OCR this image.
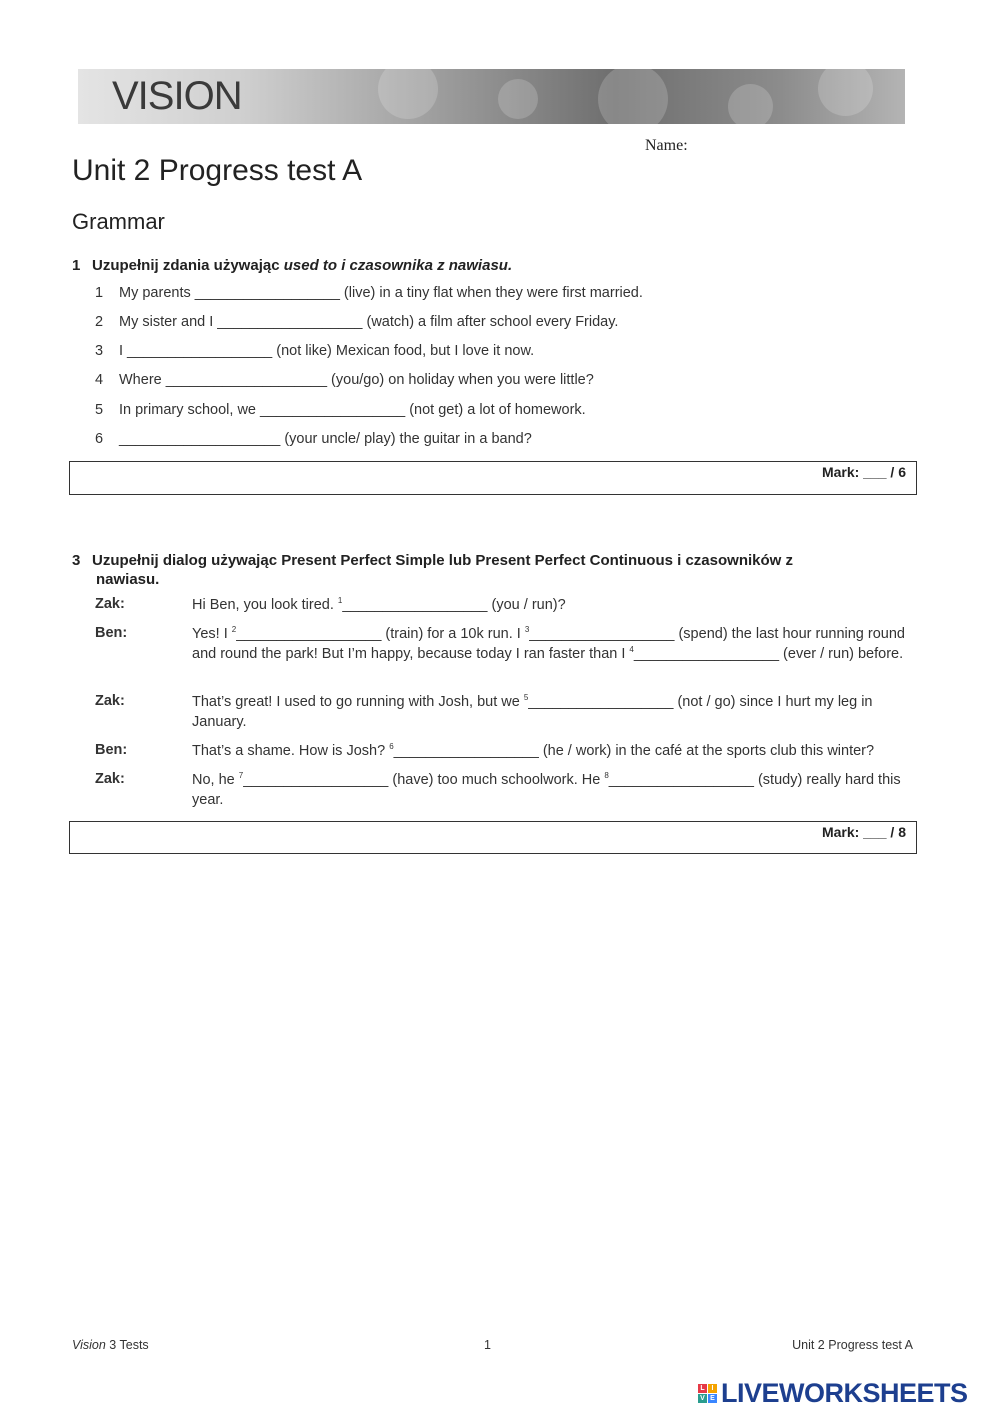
VISION
Name:
Unit 2 Progress test A
Grammar
1 Uzupełnij zdania używając used to i czasownika z nawiasu.
1 My parents __________________ (live) in a tiny flat when they were first married.
2 My sister and I __________________ (watch) a film after school every Friday.
3 I __________________ (not like) Mexican food, but I love it now.
4 Where ____________________ (you/go) on holiday when you were little?
5 In primary school, we __________________ (not get) a lot of homework.
6 ____________________ (your uncle/ play) the guitar in a band?
Mark: ___ / 6
3 Uzupełnij dialog używając Present Perfect Simple lub Present Perfect Continuous i czasowników z
nawiasu.
Zak:	Hi Ben, you look tired. $^1$__________________ (you / run)?
Ben:	Yes! I $^2$__________________ (train) for a 10k run. I $^3$__________________ (spend) the last hour running round and round the park! But I’m happy, because today I ran faster than I $^4$__________________ (ever / run) before.
Zak:	That’s great! I used to go running with Josh, but we $^5$__________________ (not / go) since I hurt my leg in January.
Ben:	That’s a shame. How is Josh? $^6$__________________ (he / work) in the café at the sports club this winter?
Zak:	No, he $^7$__________________ (have) too much schoolwork. He $^8$__________________ (study) really hard this year.
Mark: ___ / 8
Vision 3 Tests	1	Unit 2 Progress test A
L I
V E LIVEWORKSHEETS
